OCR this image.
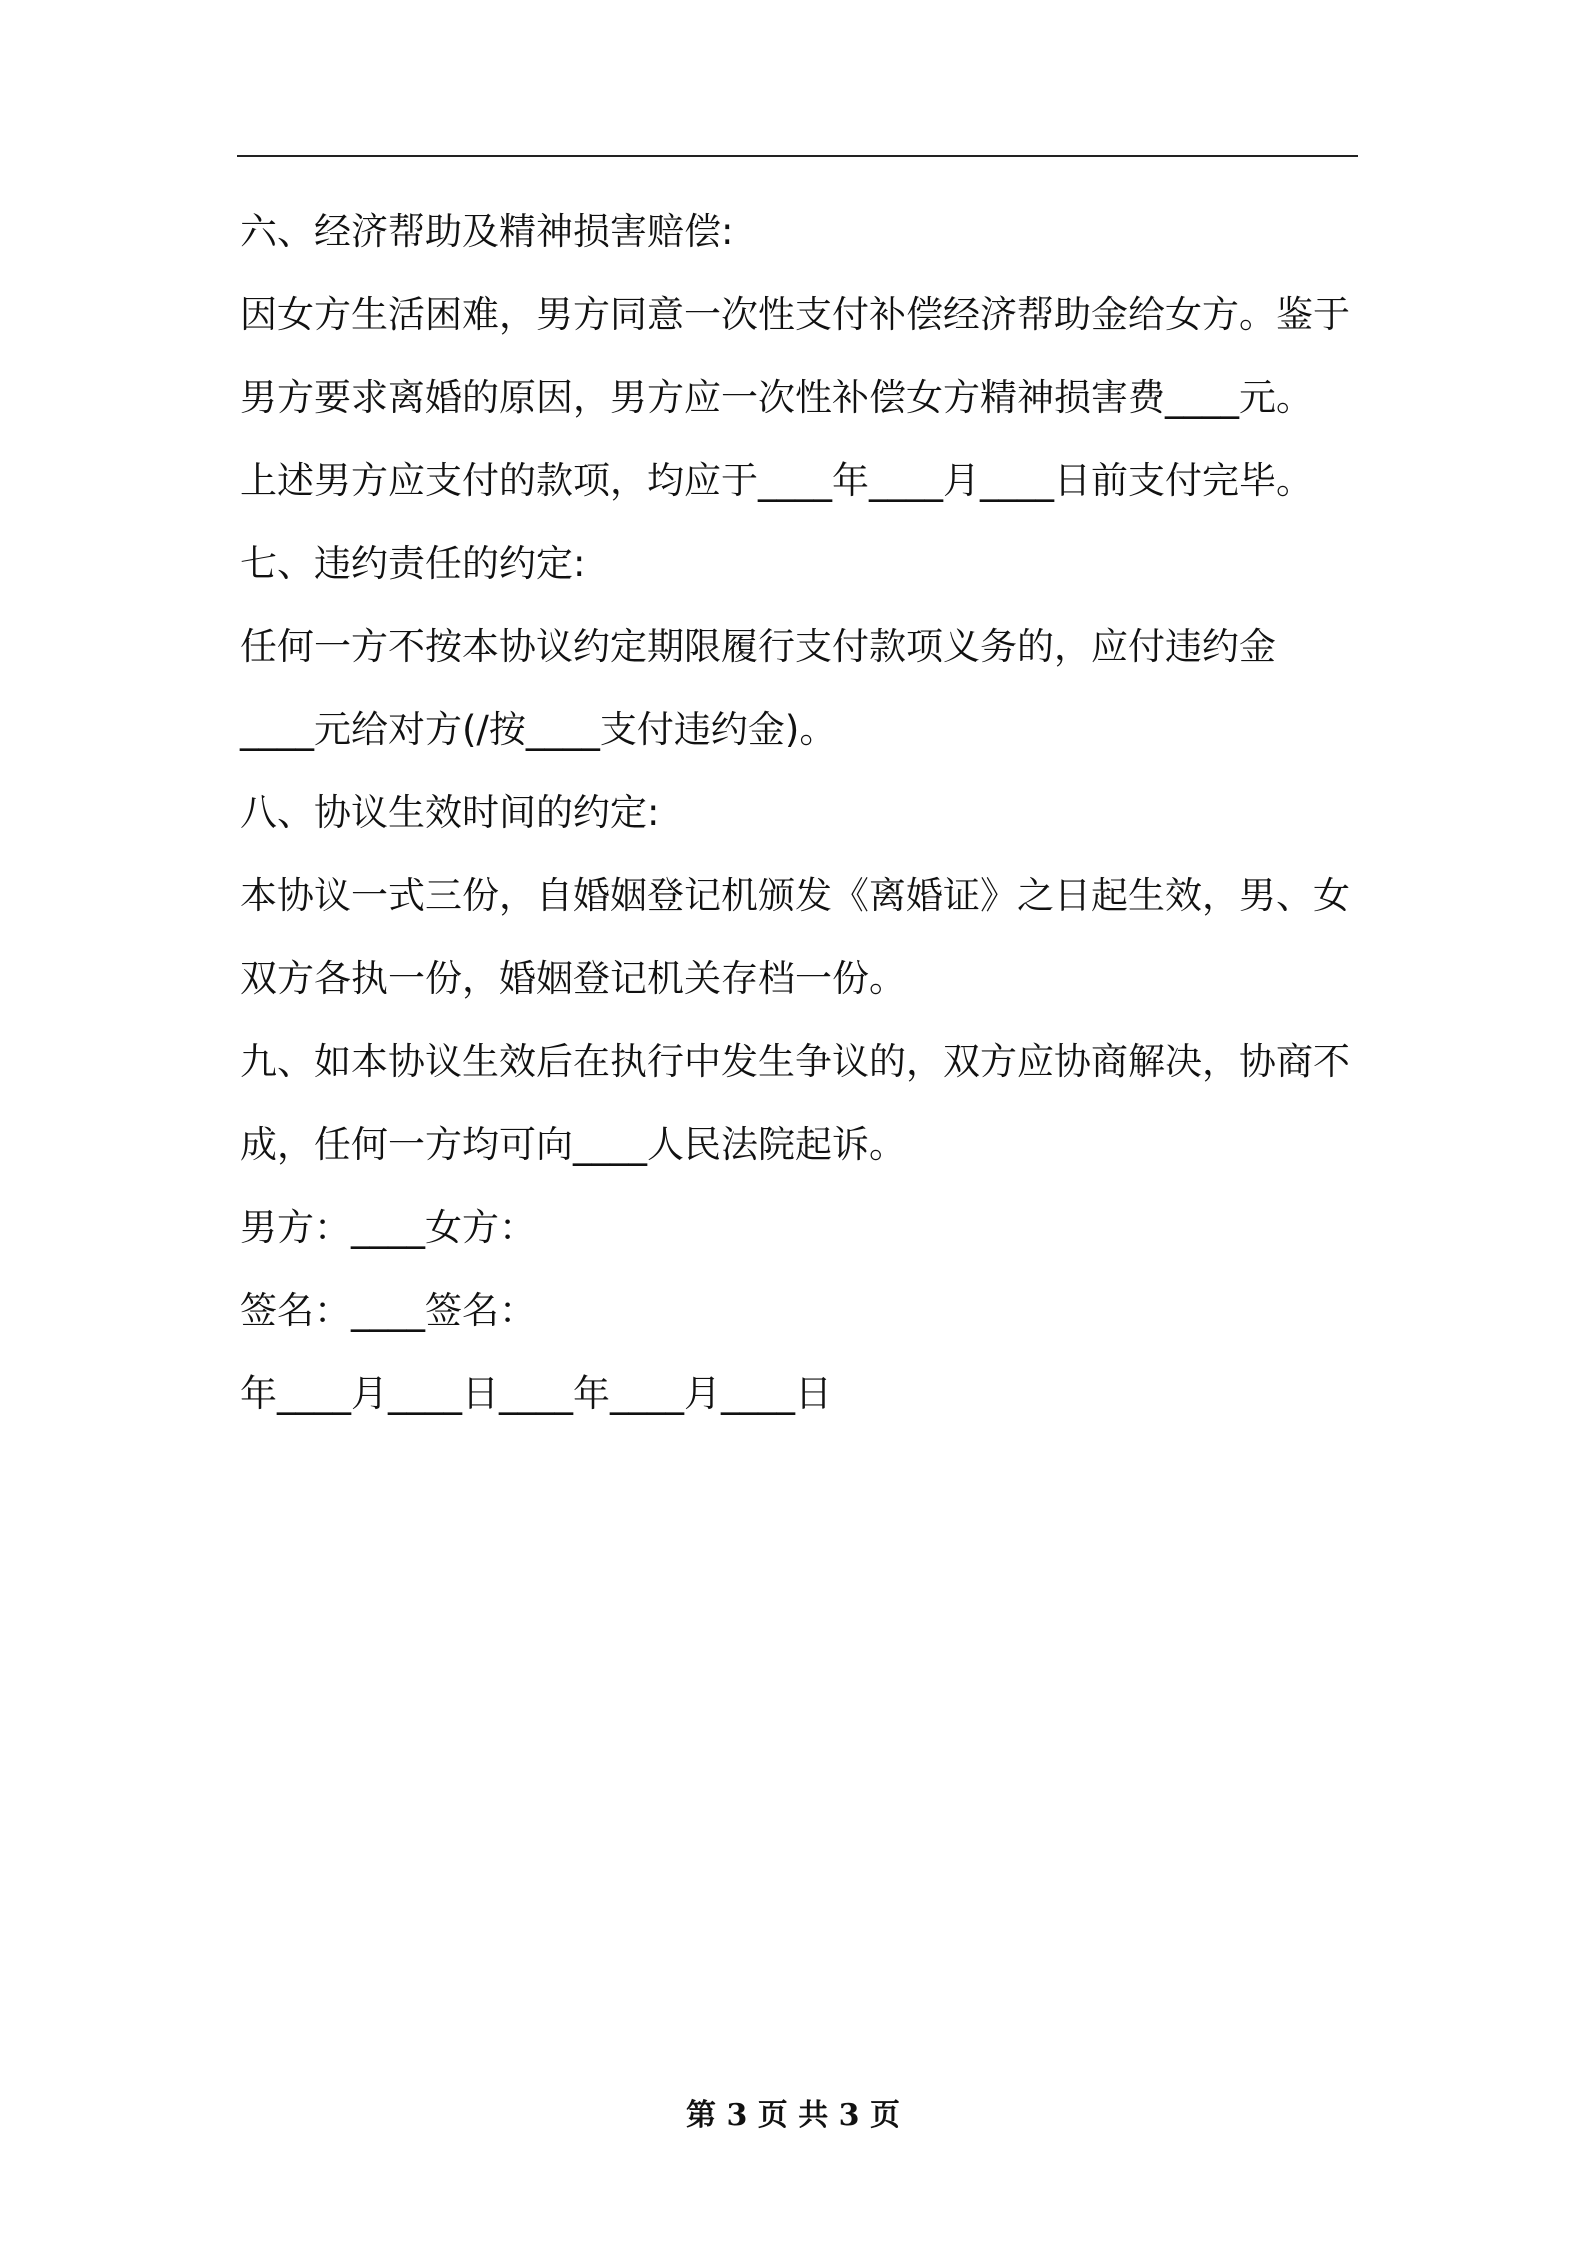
六、经济帮助及精神损害赔偿:
因女方生活困难，男方同意一次性支付补偿经济帮助金给女方。鉴于
男方要求离婚的原因，男方应一次性补偿女方精神损害费____元。
上述男方应支付的款项，均应于____年____月____日前支付完毕。
七、违约责任的约定:
任何一方不按本协议约定期限履行支付款项义务的，应付违约金
____元给对方(/按____支付违约金)。
八、协议生效时间的约定:
本协议一式三份，自婚姻登记机颁发《离婚证》之日起生效，男、女
双方各执一份，婚姻登记机关存档一份。
九、如本协议生效后在执行中发生争议的，双方应协商解决，协商不
成，任何一方均可向____人民法院起诉。
男方：____女方：
签名：____签名：
年____月____日____年____月____日
第 3 页 共 3 页
